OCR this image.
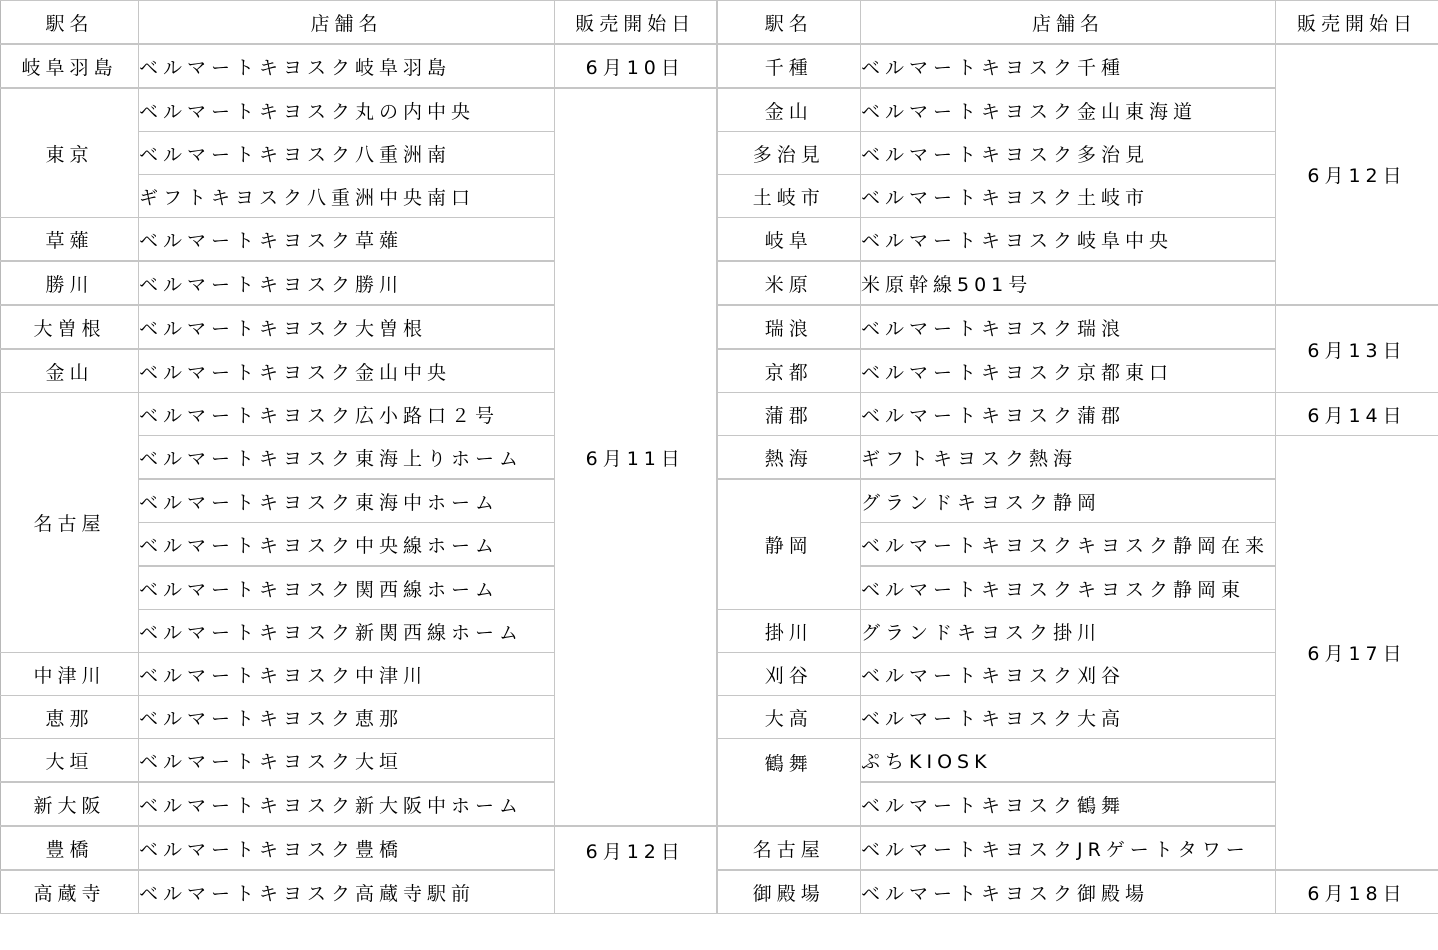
駅名	店舗名	販売開始日	駅名	店舗名	販売開始日
岐阜羽島	ベルマートキヨスク岐阜羽島	6月10日	千種	ベルマートキヨスク千種	6月12日
東京	ベルマートキヨスク丸の内中央	6月11日	金山	ベルマートキヨスク金山東海道	
	ベルマートキヨスク八重洲南		多治見	ベルマートキヨスク多治見	
	ギフトキヨスク八重洲中央南口		土岐市	ベルマートキヨスク土岐市	
草薙	ベルマートキヨスク草薙		岐阜	ベルマートキヨスク岐阜中央	
勝川	ベルマートキヨスク勝川		米原	米原幹線501号	
大曽根	ベルマートキヨスク大曽根		瑞浪	ベルマートキヨスク瑞浪	6月13日
金山	ベルマートキヨスク金山中央		京都	ベルマートキヨスク京都東口	
名古屋	ベルマートキヨスク広小路口２号		蒲郡	ベルマートキヨスク蒲郡	6月14日
	ベルマートキヨスク東海上りホーム		熱海	ギフトキヨスク熱海	6月17日
	ベルマートキヨスク東海中ホーム		静岡	グランドキヨスク静岡	
	ベルマートキヨスク中央線ホーム			ベルマートキヨスクキヨスク静岡在来	
	ベルマートキヨスク関西線ホーム			ベルマートキヨスクキヨスク静岡東	
	ベルマートキヨスク新関西線ホーム		掛川	グランドキヨスク掛川	
中津川	ベルマートキヨスク中津川		刈谷	ベルマートキヨスク刈谷	
恵那	ベルマートキヨスク恵那		大高	ベルマートキヨスク大高	
大垣	ベルマートキヨスク大垣		鶴舞	ぷちKIOSK	
新大阪	ベルマートキヨスク新大阪中ホーム			ベルマートキヨスク鶴舞	
豊橋	ベルマートキヨスク豊橋	6月12日	名古屋	ベルマートキヨスクJRゲートタワー	
高蔵寺	ベルマートキヨスク高蔵寺駅前		御殿場	ベルマートキヨスク御殿場	6月18日
